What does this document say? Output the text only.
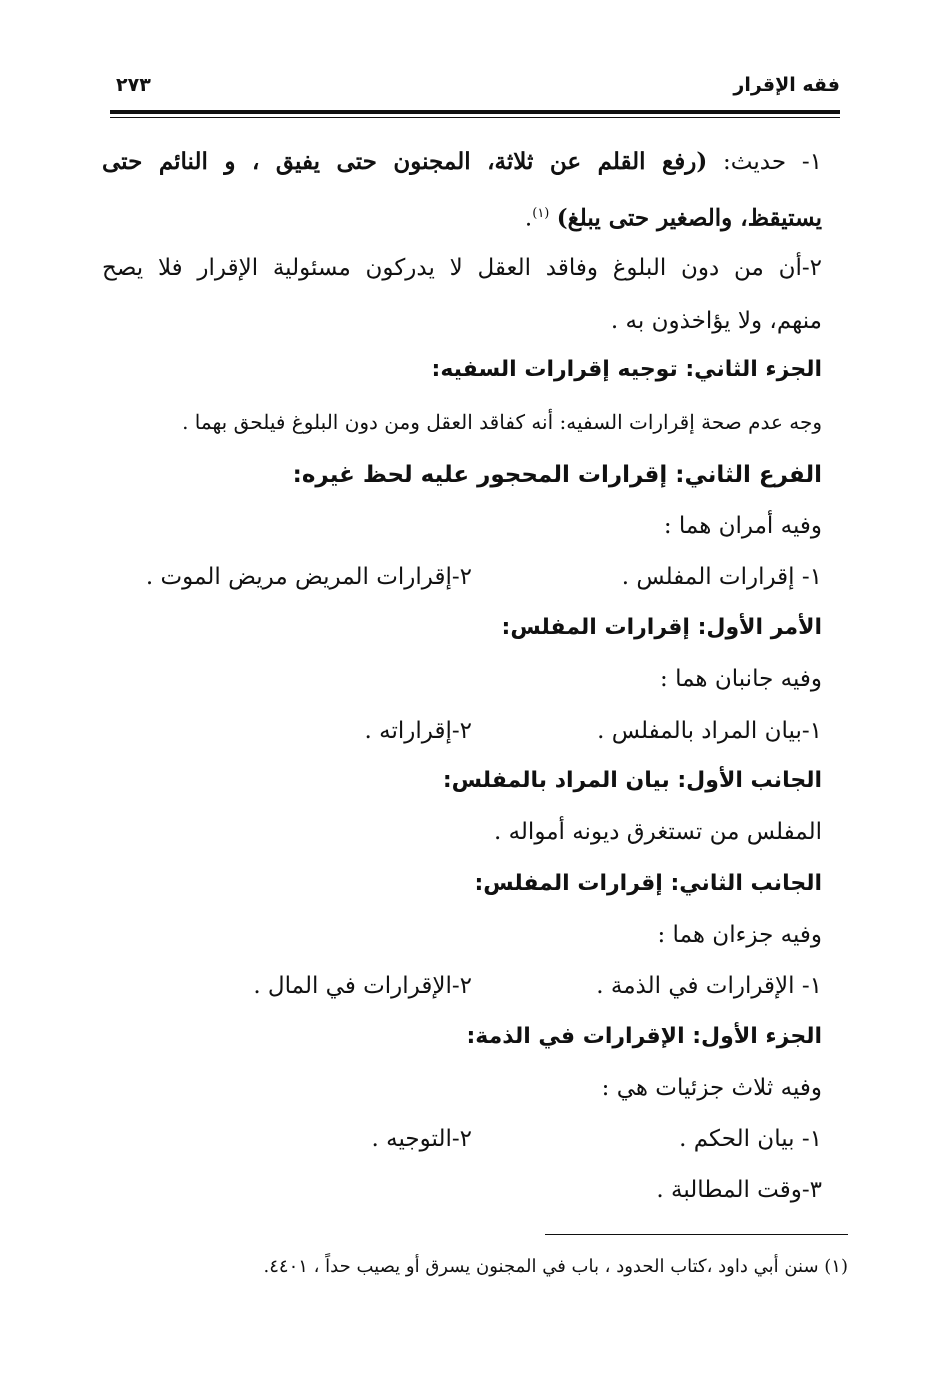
فقه الإقرار
٢٧٣
١- حديث: (رفع القلم عن ثلاثة، المجنون حتى يفيق ، و النائم حتى
يستيقظ، والصغير حتى يبلغ) $^{(١)}$.
٢-أن من دون البلوغ وفاقد العقل لا يدركون مسئولية الإقرار فلا يصح
منهم، ولا يؤاخذون به .
الجزء الثاني: توجيه إقرارات السفيه:
وجه عدم صحة إقرارات السفيه: أنه كفاقد العقل ومن دون البلوغ فيلحق بهما .
الفرع الثاني: إقرارات المحجور عليه لحظ غيره:
وفيه أمران هما :
١- إقرارات المفلس .
٢-إقرارات المريض مريض الموت .
الأمر الأول: إقرارات المفلس:
وفيه جانبان هما :
١-بيان المراد بالمفلس .
٢-إقراراته .
الجانب الأول: بيان المراد بالمفلس:
المفلس من تستغرق ديونه أمواله .
الجانب الثاني: إقرارات المفلس:
وفيه جزءان هما :
١- الإقرارات في الذمة .
٢-الإقرارات في المال .
الجزء الأول: الإقرارات في الذمة:
وفيه ثلاث جزئيات هي :
١- بيان الحكم .
٢-التوجيه .
٣-وقت المطالبة .
(١) سنن أبي داود ،كتاب الحدود ، باب في المجنون يسرق أو يصيب حداً ، ٤٤٠١.
